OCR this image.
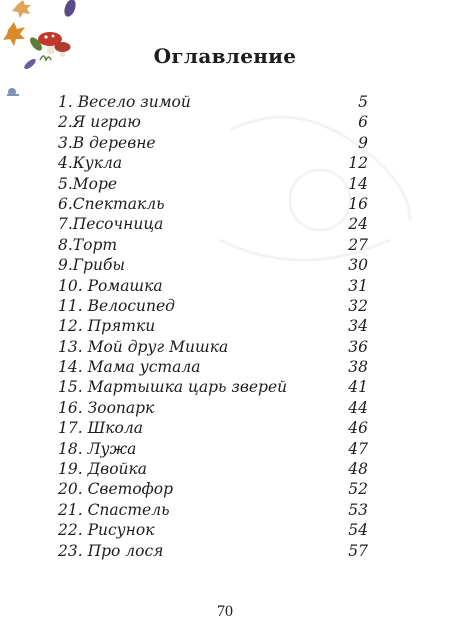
Оглавление
1. Весело зимой	5
2.Я играю	6
3.В деревне	9
4.Кукла	12
5.Море	14
6.Спектакль	16
7.Песочница	24
8.Торт	27
9.Грибы	30
10. Ромашка	31
11. Велосипед	32
12. Прятки	34
13. Мой друг Мишка	36
14. Мама устала	38
15. Мартышка царь зверей	41
16. Зоопарк	44
17. Школа	46
18. Лужа	47
19. Двойка	48
20. Светофор	52
21. Спастель	53
22. Рисунок	54
23. Про лося	57
70
